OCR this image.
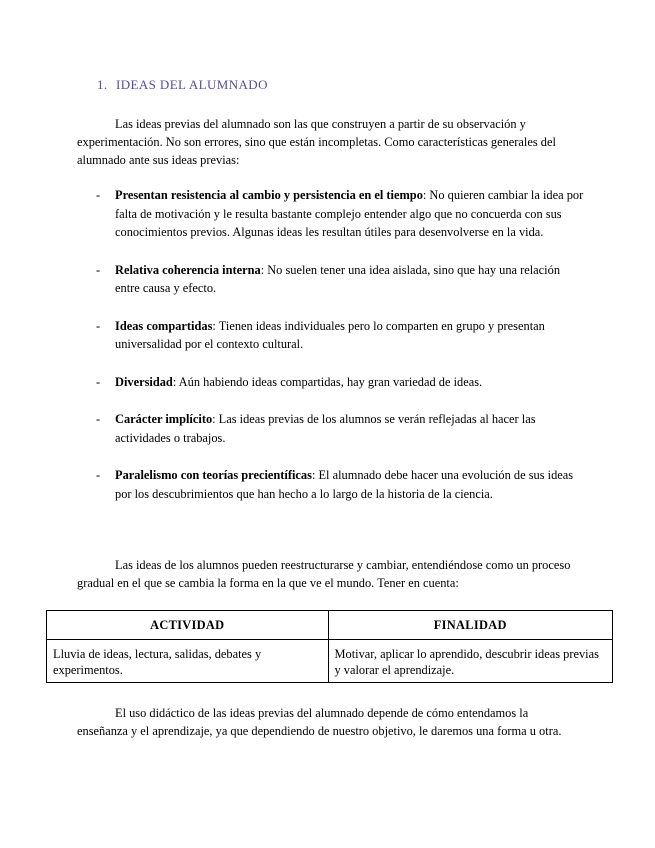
1. IDEAS DEL ALUMNADO

Las ideas previas del alumnado son las que construyen a partir de su observación y experimentación. No son errores, sino que están incompletas. Como características generales del alumnado ante sus ideas previas:

- Presentan resistencia al cambio y persistencia en el tiempo: No quieren cambiar la idea por falta de motivación y le resulta bastante complejo entender algo que no concuerda con sus conocimientos previos. Algunas ideas les resultan útiles para desenvolverse en la vida.
- Relativa coherencia interna: No suelen tener una idea aislada, sino que hay una relación entre causa y efecto.
- Ideas compartidas: Tienen ideas individuales pero lo comparten en grupo y presentan universalidad por el contexto cultural.
- Diversidad: Aún habiendo ideas compartidas, hay gran variedad de ideas.
- Carácter implícito: Las ideas previas de los alumnos se verán reflejadas al hacer las actividades o trabajos.
- Paralelismo con teorías precientíficas: El alumnado debe hacer una evolución de sus ideas por los descubrimientos que han hecho a lo largo de la historia de la ciencia.

Las ideas de los alumnos pueden reestructurarse y cambiar, entendiéndose como un proceso gradual en el que se cambia la forma en la que ve el mundo. Tener en cuenta:

ACTIVIDAD	FINALIDAD
Lluvia de ideas, lectura, salidas, debates y experimentos.	Motivar, aplicar lo aprendido, descubrir ideas previas y valorar el aprendizaje.

El uso didáctico de las ideas previas del alumnado depende de cómo entendamos la enseñanza y el aprendizaje, ya que dependiendo de nuestro objetivo, le daremos una forma u otra.
